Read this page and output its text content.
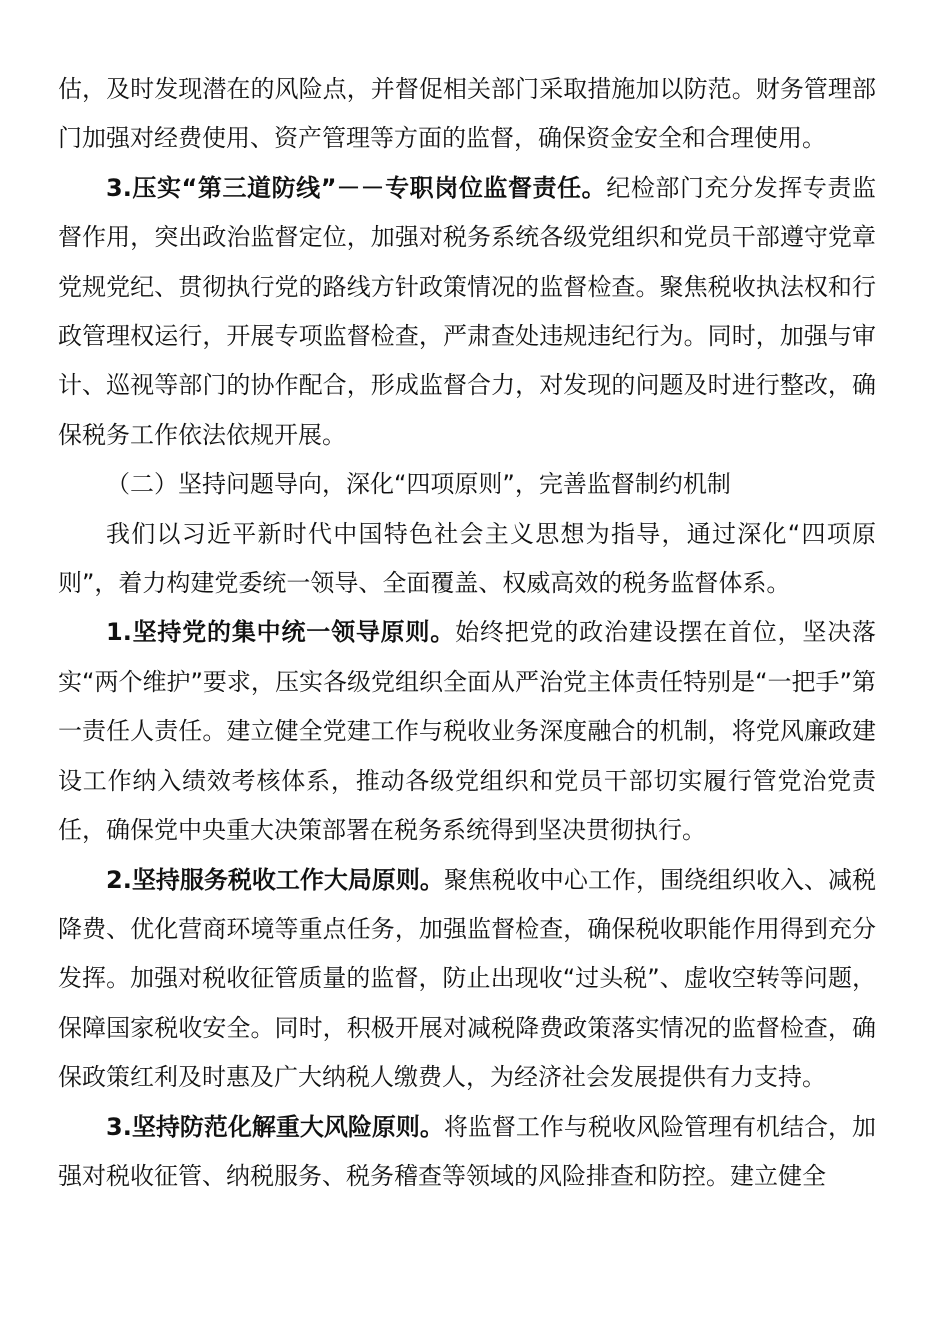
估，及时发现潜在的风险点，并督促相关部门采取措施加以防范。财务管理部门加强对经费使用、资产管理等方面的监督，确保资金安全和合理使用。

3.压实“第三道防线”－－专职岗位监督责任。纪检部门充分发挥专责监督作用，突出政治监督定位，加强对税务系统各级党组织和党员干部遵守党章党规党纪、贯彻执行党的路线方针政策情况的监督检查。聚焦税收执法权和行政管理权运行，开展专项监督检查，严肃查处违规违纪行为。同时，加强与审计、巡视等部门的协作配合，形成监督合力，对发现的问题及时进行整改，确保税务工作依法依规开展。

（二）坚持问题导向，深化“四项原则”，完善监督制约机制

我们以习近平新时代中国特色社会主义思想为指导，通过深化“四项原则”，着力构建党委统一领导、全面覆盖、权威高效的税务监督体系。

1.坚持党的集中统一领导原则。始终把党的政治建设摆在首位，坚决落实“两个维护”要求，压实各级党组织全面从严治党主体责任特别是“一把手”第一责任人责任。建立健全党建工作与税收业务深度融合的机制，将党风廉政建设工作纳入绩效考核体系，推动各级党组织和党员干部切实履行管党治党责任，确保党中央重大决策部署在税务系统得到坚决贯彻执行。

2.坚持服务税收工作大局原则。聚焦税收中心工作，围绕组织收入、减税降费、优化营商环境等重点任务，加强监督检查，确保税收职能作用得到充分发挥。加强对税收征管质量的监督，防止出现收“过头税”、虚收空转等问题，保障国家税收安全。同时，积极开展对减税降费政策落实情况的监督检查，确保政策红利及时惠及广大纳税人缴费人，为经济社会发展提供有力支持。

3.坚持防范化解重大风险原则。将监督工作与税收风险管理有机结合，加强对税收征管、纳税服务、税务稽查等领域的风险排查和防控。建立健全
